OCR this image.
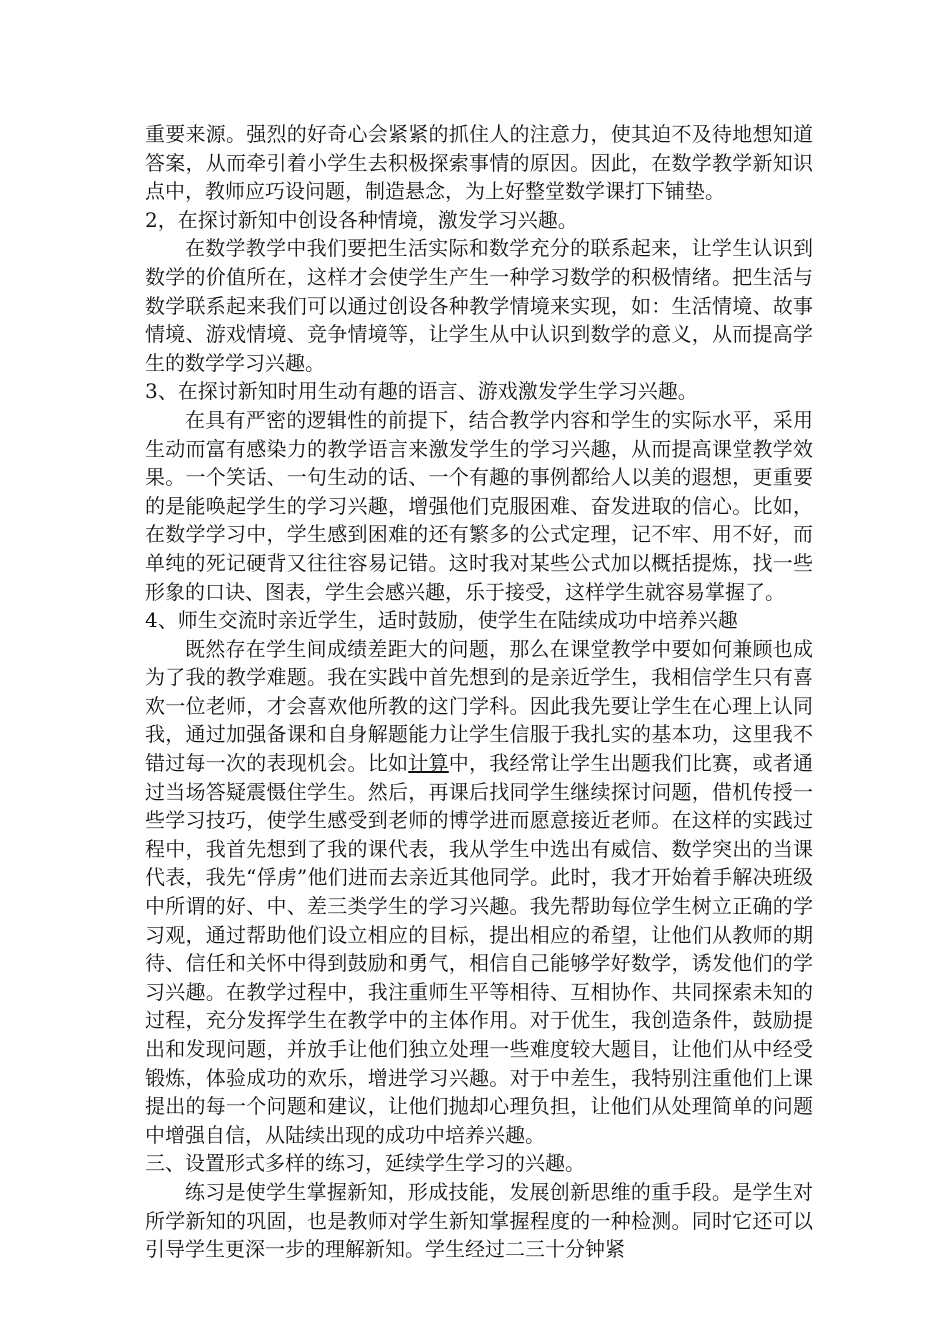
重要来源。强烈的好奇心会紧紧的抓住人的注意力，使其迫不及待地想知道答案，从而牵引着小学生去积极探索事情的原因。因此，在数学教学新知识点中，教师应巧设问题，制造悬念，为上好整堂数学课打下铺垫。

2，在探讨新知中创设各种情境，激发学习兴趣。

在数学教学中我们要把生活实际和数学充分的联系起来，让学生认识到数学的价值所在，这样才会使学生产生一种学习数学的积极情绪。把生活与数学联系起来我们可以通过创设各种教学情境来实现，如：生活情境、故事情境、游戏情境、竞争情境等，让学生从中认识到数学的意义，从而提高学生的数学学习兴趣。

3、在探讨新知时用生动有趣的语言、游戏激发学生学习兴趣。

在具有严密的逻辑性的前提下，结合教学内容和学生的实际水平，采用生动而富有感染力的教学语言来激发学生的学习兴趣，从而提高课堂教学效果。一个笑话、一句生动的话、一个有趣的事例都给人以美的遐想，更重要的是能唤起学生的学习兴趣，增强他们克服困难、奋发进取的信心。比如，在数学学习中，学生感到困难的还有繁多的公式定理，记不牢、用不好，而单纯的死记硬背又往往容易记错。这时我对某些公式加以概括提炼，找一些形象的口诀、图表，学生会感兴趣，乐于接受，这样学生就容易掌握了。

4、师生交流时亲近学生，适时鼓励，使学生在陆续成功中培养兴趣

既然存在学生间成绩差距大的问题，那么在课堂教学中要如何兼顾也成为了我的教学难题。我在实践中首先想到的是亲近学生，我相信学生只有喜欢一位老师，才会喜欢他所教的这门学科。因此我先要让学生在心理上认同我，通过加强备课和自身解题能力让学生信服于我扎实的基本功，这里我不错过每一次的表现机会。比如计算中，我经常让学生出题我们比赛，或者通过当场答疑震慑住学生。然后，再课后找同学生继续探讨问题，借机传授一些学习技巧，使学生感受到老师的博学进而愿意接近老师。在这样的实践过程中，我首先想到了我的课代表，我从学生中选出有威信、数学突出的当课代表，我先“俘虏”他们进而去亲近其他同学。此时，我才开始着手解决班级中所谓的好、中、差三类学生的学习兴趣。我先帮助每位学生树立正确的学习观，通过帮助他们设立相应的目标，提出相应的希望，让他们从教师的期待、信任和关怀中得到鼓励和勇气，相信自己能够学好数学，诱发他们的学习兴趣。在教学过程中，我注重师生平等相待、互相协作、共同探索未知的过程，充分发挥学生在教学中的主体作用。对于优生，我创造条件，鼓励提出和发现问题，并放手让他们独立处理一些难度较大题目，让他们从中经受锻炼，体验成功的欢乐，增进学习兴趣。对于中差生，我特别注重他们上课提出的每一个问题和建议，让他们抛却心理负担，让他们从处理简单的问题中增强自信，从陆续出现的成功中培养兴趣。

三、设置形式多样的练习，延续学生学习的兴趣。

练习是使学生掌握新知，形成技能，发展创新思维的重手段。是学生对所学新知的巩固，也是教师对学生新知掌握程度的一种检测。同时它还可以引导学生更深一步的理解新知。学生经过二三十分钟紧
